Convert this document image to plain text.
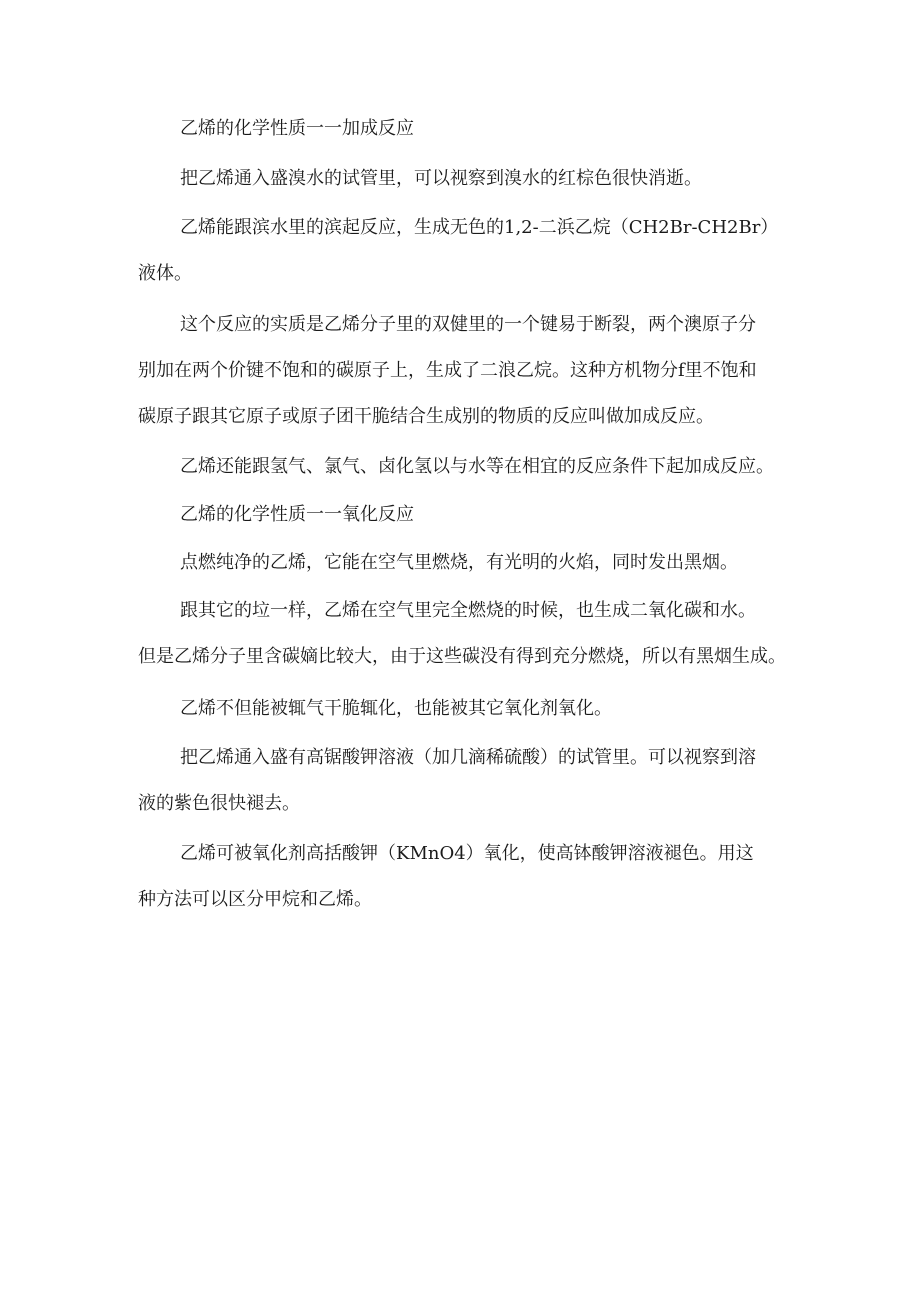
乙烯的化学性质一一加成反应

把乙烯通入盛溴水的试管里，可以视察到溴水的红棕色很快消逝。

乙烯能跟滨水里的滨起反应，生成无色的1,2-二浜乙烷（CH2Br-CH2Br）
液体。

这个反应的实质是乙烯分子里的双健里的一个键易于断裂，两个澳原子分
别加在两个价键不饱和的碳原子上，生成了二浪乙烷。这种方机物分f里不饱和
碳原子跟其它原子或原子团干脆结合生成别的物质的反应叫做加成反应。

乙烯还能跟氢气、氯气、卤化氢以与水等在相宜的反应条件下起加成反应。

乙烯的化学性质一一氧化反应

点燃纯净的乙烯，它能在空气里燃烧，有光明的火焰，同时发出黑烟。

跟其它的垃一样，乙烯在空气里完全燃烧的时候，也生成二氧化碳和水。
但是乙烯分子里含碳嫡比较大，由于这些碳没有得到充分燃烧，所以有黑烟生成。

乙烯不但能被辄气干脆辄化，也能被其它氧化剂氧化。

把乙烯通入盛有高锯酸钾溶液（加几滴稀硫酸）的试管里。可以视察到溶
液的紫色很快褪去。

乙烯可被氧化剂高括酸钾（KMnO4）氧化，使高钵酸钾溶液褪色。用这
种方法可以区分甲烷和乙烯。
